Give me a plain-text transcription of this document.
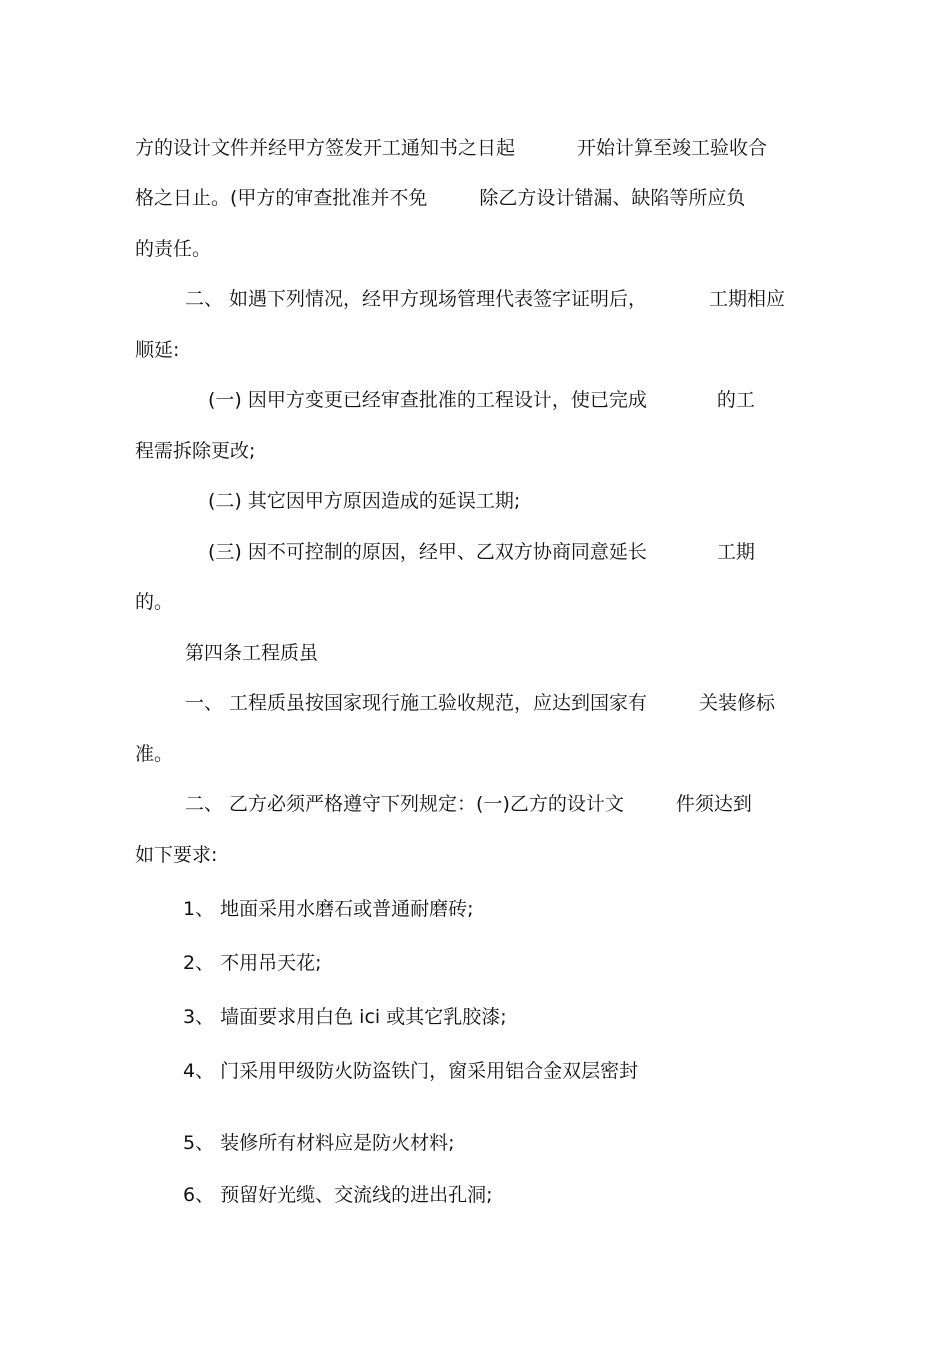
方的设计文件并经甲方签发开工通知书之日起	开始计算至竣工验收合
格之日止。(甲方的审查批准并不免	除乙方设计错漏、缺陷等所应负
的责任。
二、 如遇下列情况，经甲方现场管理代表签字证明后，	工期相应
顺延:
(一) 因甲方变更已经审查批准的工程设计，使已完成	的工
程需拆除更改;
(二) 其它因甲方原因造成的延误工期;
(三) 因不可控制的原因，经甲、乙双方协商同意延长	工期
的。
第四条工程质虽
一、 工程质虽按国家现行施工验收规范，应达到国家有	关装修标
准。
二、 乙方必须严格遵守下列规定：(一)乙方的设计文	件须达到
如下要求:
1、 地面采用水磨石或普通耐磨砖;
2、 不用吊天花;
3、 墙面要求用白色 ici 或其它乳胶漆;
4、 门采用甲级防火防盗铁门，窗采用铝合金双层密封
5、 装修所有材料应是防火材料;
6、 预留好光缆、交流线的进出孔洞;
